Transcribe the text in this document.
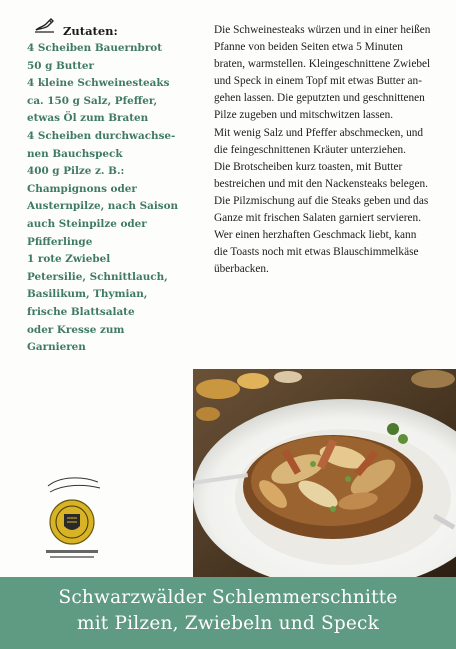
Zutaten:
4 Scheiben Bauernbrot
50 g Butter
4 kleine Schweinesteaks
ca. 150 g Salz, Pfeffer,
etwas Öl zum Braten
4 Scheiben durchwachse-
nen Bauchspeck
400 g Pilze z. B.:
Champignons oder
Austernpilze, nach Saison
auch Steinpilze oder
Pfifferlinge
1 rote Zwiebel
Petersilie, Schnittlauch,
Basilikum, Thymian,
frische Blattsalate
oder Kresse zum
Garnieren
Die Schweinesteaks würzen und in einer heißen
Pfanne von beiden Seiten etwa 5 Minuten
braten, warmstellen. Kleingeschnittene Zwiebel
und Speck in einem Topf mit etwas Butter an-
gehen lassen. Die geputzten und geschnittenen
Pilze zugeben und mitschwitzen lassen.
Mit wenig Salz und Pfeffer abschmecken, und
die feingeschnittenen Kräuter unterziehen.
Die Brotscheiben kurz toasten, mit Butter
bestreichen und mit den Nackensteaks belegen.
Die Pilzmischung auf die Steaks geben und das
Ganze mit frischen Salaten garniert servieren.
Wer einen herzhaften Geschmack liebt, kann
die Toasts noch mit etwas Blauschimmelkäse
überbacken.
Schwarzwälder Schlemmerschnitte
mit Pilzen, Zwiebeln und Speck
